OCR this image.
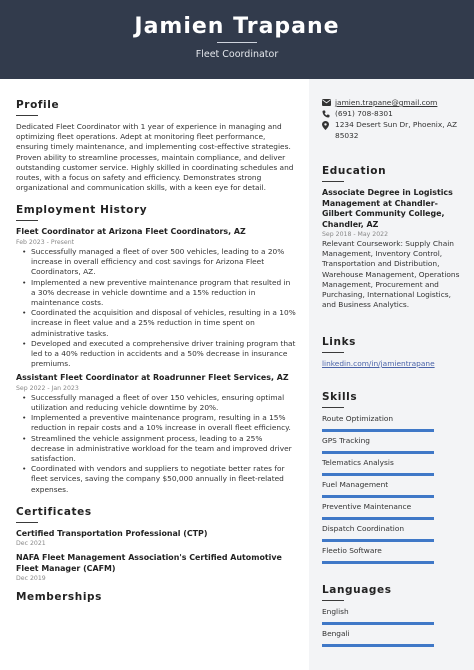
Jamien Trapane
Fleet Coordinator
Profile
Dedicated Fleet Coordinator with 1 year of experience in managing and optimizing fleet operations. Adept at monitoring fleet performance, ensuring timely maintenance, and implementing cost-effective strategies. Proven ability to streamline processes, maintain compliance, and deliver outstanding customer service. Highly skilled in coordinating schedules and routes, with a focus on safety and efficiency. Demonstrates strong organizational and communication skills, with a keen eye for detail.
Employment History
Fleet Coordinator at Arizona Fleet Coordinators, AZ
Feb 2023 - Present
• Successfully managed a fleet of over 500 vehicles, leading to a 20% increase in overall efficiency and cost savings for Arizona Fleet Coordinators, AZ.
• Implemented a new preventive maintenance program that resulted in a 30% decrease in vehicle downtime and a 15% reduction in maintenance costs.
• Coordinated the acquisition and disposal of vehicles, resulting in a 10% increase in fleet value and a 25% reduction in time spent on administrative tasks.
• Developed and executed a comprehensive driver training program that led to a 40% reduction in accidents and a 50% decrease in insurance premiums.
Assistant Fleet Coordinator at Roadrunner Fleet Services, AZ
Sep 2022 - Jan 2023
• Successfully managed a fleet of over 150 vehicles, ensuring optimal utilization and reducing vehicle downtime by 20%.
• Implemented a preventive maintenance program, resulting in a 15% reduction in repair costs and a 10% increase in overall fleet efficiency.
• Streamlined the vehicle assignment process, leading to a 25% decrease in administrative workload for the team and improved driver satisfaction.
• Coordinated with vendors and suppliers to negotiate better rates for fleet services, saving the company $50,000 annually in fleet-related expenses.
Certificates
Certified Transportation Professional (CTP)
Dec 2021
NAFA Fleet Management Association's Certified Automotive Fleet Manager (CAFM)
Dec 2019
Memberships
jamien.trapane@gmail.com
(691) 708-8301
1234 Desert Sun Dr, Phoenix, AZ 85032
Education
Associate Degree in Logistics Management at Chandler-Gilbert Community College, Chandler, AZ
Sep 2018 - May 2022
Relevant Coursework: Supply Chain Management, Inventory Control, Transportation and Distribution, Warehouse Management, Operations Management, Procurement and Purchasing, International Logistics, and Business Analytics.
Links
linkedin.com/in/jamientrapane
Skills
Route Optimization
GPS Tracking
Telematics Analysis
Fuel Management
Preventive Maintenance
Dispatch Coordination
Fleetio Software
Languages
English
Bengali
